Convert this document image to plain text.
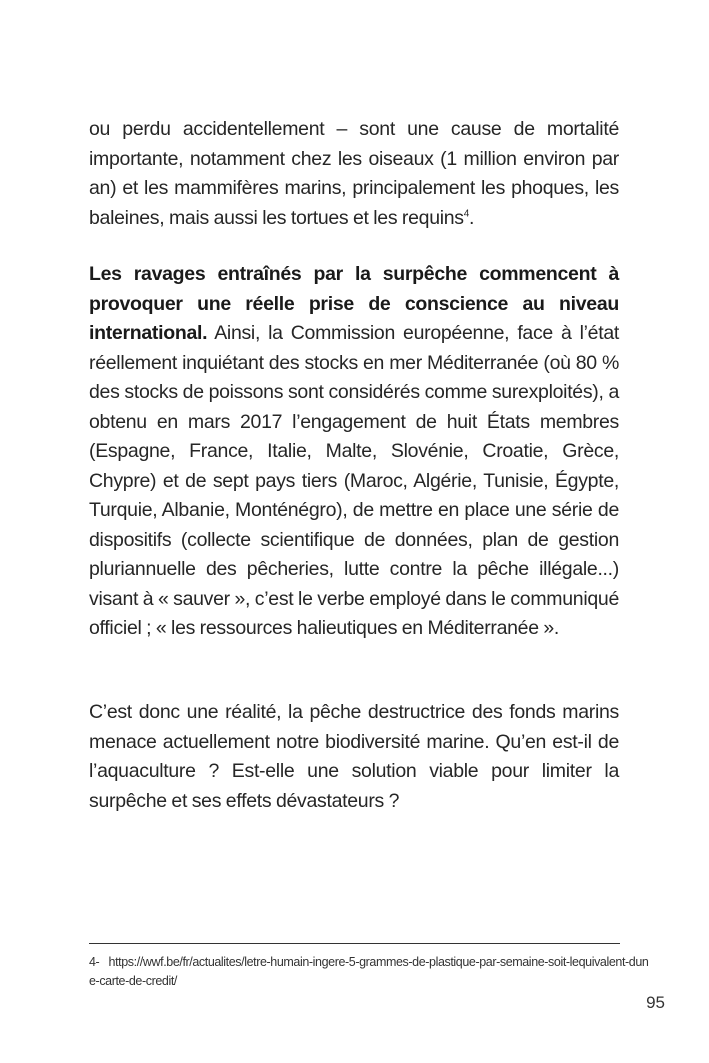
ou perdu accidentellement – sont une cause de mortalité importante, notamment chez les oiseaux (1 million environ par an) et les mammifères marins, principalement les phoques, les baleines, mais aussi les tortues et les requins$^4$.
Les ravages entraînés par la surpêche commencent à provoquer une réelle prise de conscience au niveau international. Ainsi, la Commission européenne, face à l’état réellement inquiétant des stocks en mer Méditerranée (où 80 % des stocks de poissons sont considérés comme surexploités), a obtenu en mars 2017 l’engagement de huit États membres (Espagne, France, Italie, Malte, Slovénie, Croatie, Grèce, Chypre) et de sept pays tiers (Maroc, Algérie, Tunisie, Égypte, Turquie, Albanie, Monténégro), de mettre en place une série de dispositifs (collecte scientifique de données, plan de gestion pluriannuelle des pêcheries, lutte contre la pêche illégale...) visant à « sauver », c’est le verbe employé dans le communiqué officiel ; « les ressources halieutiques en Méditerranée ».
C’est donc une réalité, la pêche destructrice des fonds marins menace actuellement notre biodiversité marine. Qu’en est-il de l’aquaculture ? Est-elle une solution viable pour limiter la surpêche et ses effets dévastateurs ?
4- https://wwf.be/fr/actualites/letre-humain-ingere-5-grammes-de-plastique-par-semaine-soit-lequivalent-dune-carte-de-credit/
95
